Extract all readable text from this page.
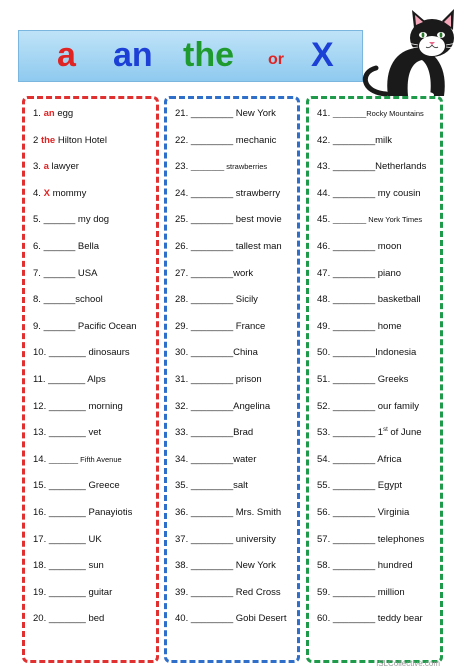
a an the or X
1. an egg
2 the Hilton Hotel
3. a lawyer
4. X mommy
5. ______ my dog
6. ______ Bella
7. ______ USA
8. ______school
9. ______ Pacific Ocean
10. _______ dinosaurs
11. _______ Alps
12. _______ morning
13. _______ vet
14. _______ Fifth Avenue
15. _______ Greece
16. _______ Panayiotis
17. _______ UK
18. _______ sun
19. _______ guitar
20. _______ bed
21. ________ New York
22. ________ mechanic
23. ________ strawberries
24. ________ strawberry
25. ________ best movie
26. ________ tallest man
27. ________work
28. ________ Sicily
29. ________ France
30. ________China
31. ________ prison
32. ________Angelina
33. ________Brad
34. ________water
35. ________salt
36. ________ Mrs. Smith
37. ________ university
38. ________ New York
39. ________ Red Cross
40. ________ Gobi Desert
41. ________Rocky Mountains
42. ________milk
43. ________Netherlands
44. ________ my cousin
45. ________ New York Times
46. ________ moon
47. ________ piano
48. ________ basketball
49. ________ home
50. ________Indonesia
51. ________ Greeks
52. ________ our family
53. ________ 1st of June
54. ________ Africa
55. ________ Egypt
56. ________ Virginia
57. ________ telephones
58. ________ hundred
59. ________ million
60. ________ teddy bear
iSLCollective.com
